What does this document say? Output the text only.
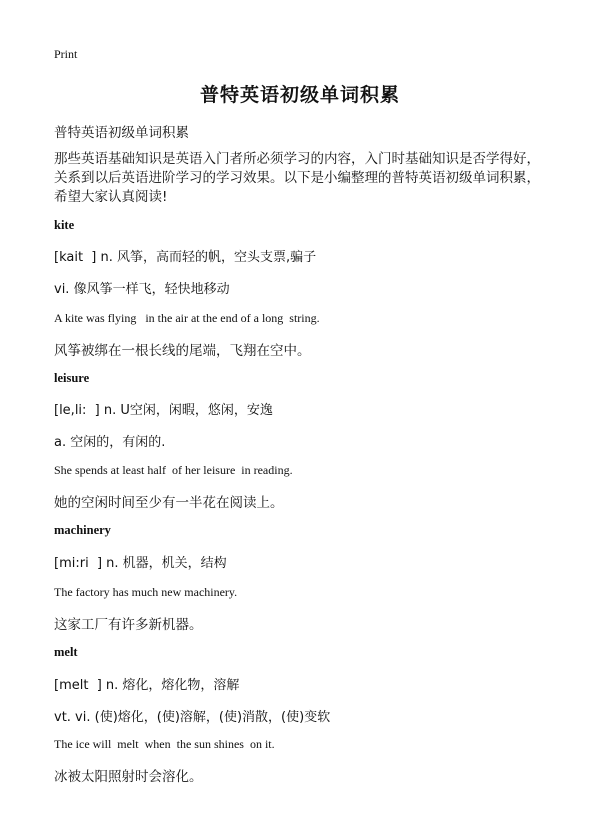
Print
普特英语初级单词积累
普特英语初级单词积累
那些英语基础知识是英语入门者所必须学习的内容，入门时基础知识是否学得好，
关系到以后英语进阶学习的学习效果。以下是小编整理的普特英语初级单词积累，
希望大家认真阅读!
kite
[kait  ] n. 风筝，高而轻的帆，空头支票,骗子
vi. 像风筝一样飞，轻快地移动
A kite was flying   in the air at the end of a long  string.
风筝被绑在一根长线的尾端，飞翔在空中。
leisure
[le,li:  ] n. U空闲，闲暇，悠闲，安逸
a. 空闲的，有闲的.
She spends at least half  of her leisure  in reading.
她的空闲时间至少有一半花在阅读上。
machinery
[mi:ri  ] n. 机器，机关，结构
The factory has much new machinery.
这家工厂有许多新机器。
melt
[melt  ] n. 熔化，熔化物，溶解
vt. vi. (使)熔化，(使)溶解，(使)消散，(使)变软
The ice will  melt  when  the sun shines  on it.
冰被太阳照射时会溶化。
